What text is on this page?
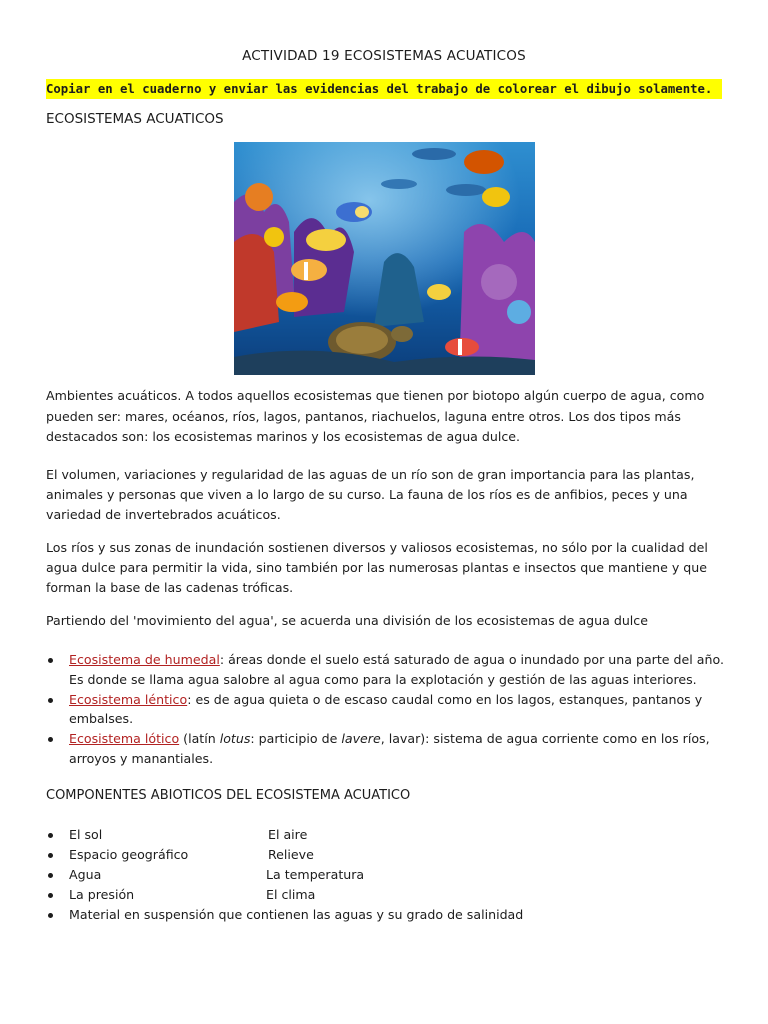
ACTIVIDAD 19 ECOSISTEMAS ACUATICOS
Copiar en el cuaderno y enviar las evidencias del trabajo de colorear el dibujo solamente.
ECOSISTEMAS ACUATICOS

Ambientes acuáticos. A todos aquellos ecosistemas que tienen por biotopo algún cuerpo de agua, como pueden ser: mares, océanos, ríos, lagos, pantanos, riachuelos, laguna entre otros. Los dos tipos más destacados son: los ecosistemas marinos y los ecosistemas de agua dulce.

El volumen, variaciones y regularidad de las aguas de un río son de gran importancia para las plantas, animales y personas que viven a lo largo de su curso. La fauna de los ríos es de anfibios, peces y una variedad de invertebrados acuáticos.

Los ríos y sus zonas de inundación sostienen diversos y valiosos ecosistemas, no sólo por la cualidad del agua dulce para permitir la vida, sino también por las numerosas plantas e insectos que mantiene y que forman la base de las cadenas tróficas.

Partiendo del 'movimiento del agua', se acuerda una división de los ecosistemas de agua dulce

Ecosistema de humedal: áreas donde el suelo está saturado de agua o inundado por una parte del año. Es donde se llama agua salobre al agua como para la explotación y gestión de las aguas interiores.
Ecosistema léntico: es de agua quieta o de escaso caudal como en los lagos, estanques, pantanos y embalses.
Ecosistema lótico (latín lotus: participio de lavere, lavar): sistema de agua corriente como en los ríos, arroyos y manantiales.
COMPONENTES ABIOTICOS DEL ECOSISTEMA ACUATICO
El sol	El aire
Espacio geográfico	Relieve
Agua	La temperatura
La presión	El clima
Material en suspensión que contienen las aguas y su grado de salinidad
